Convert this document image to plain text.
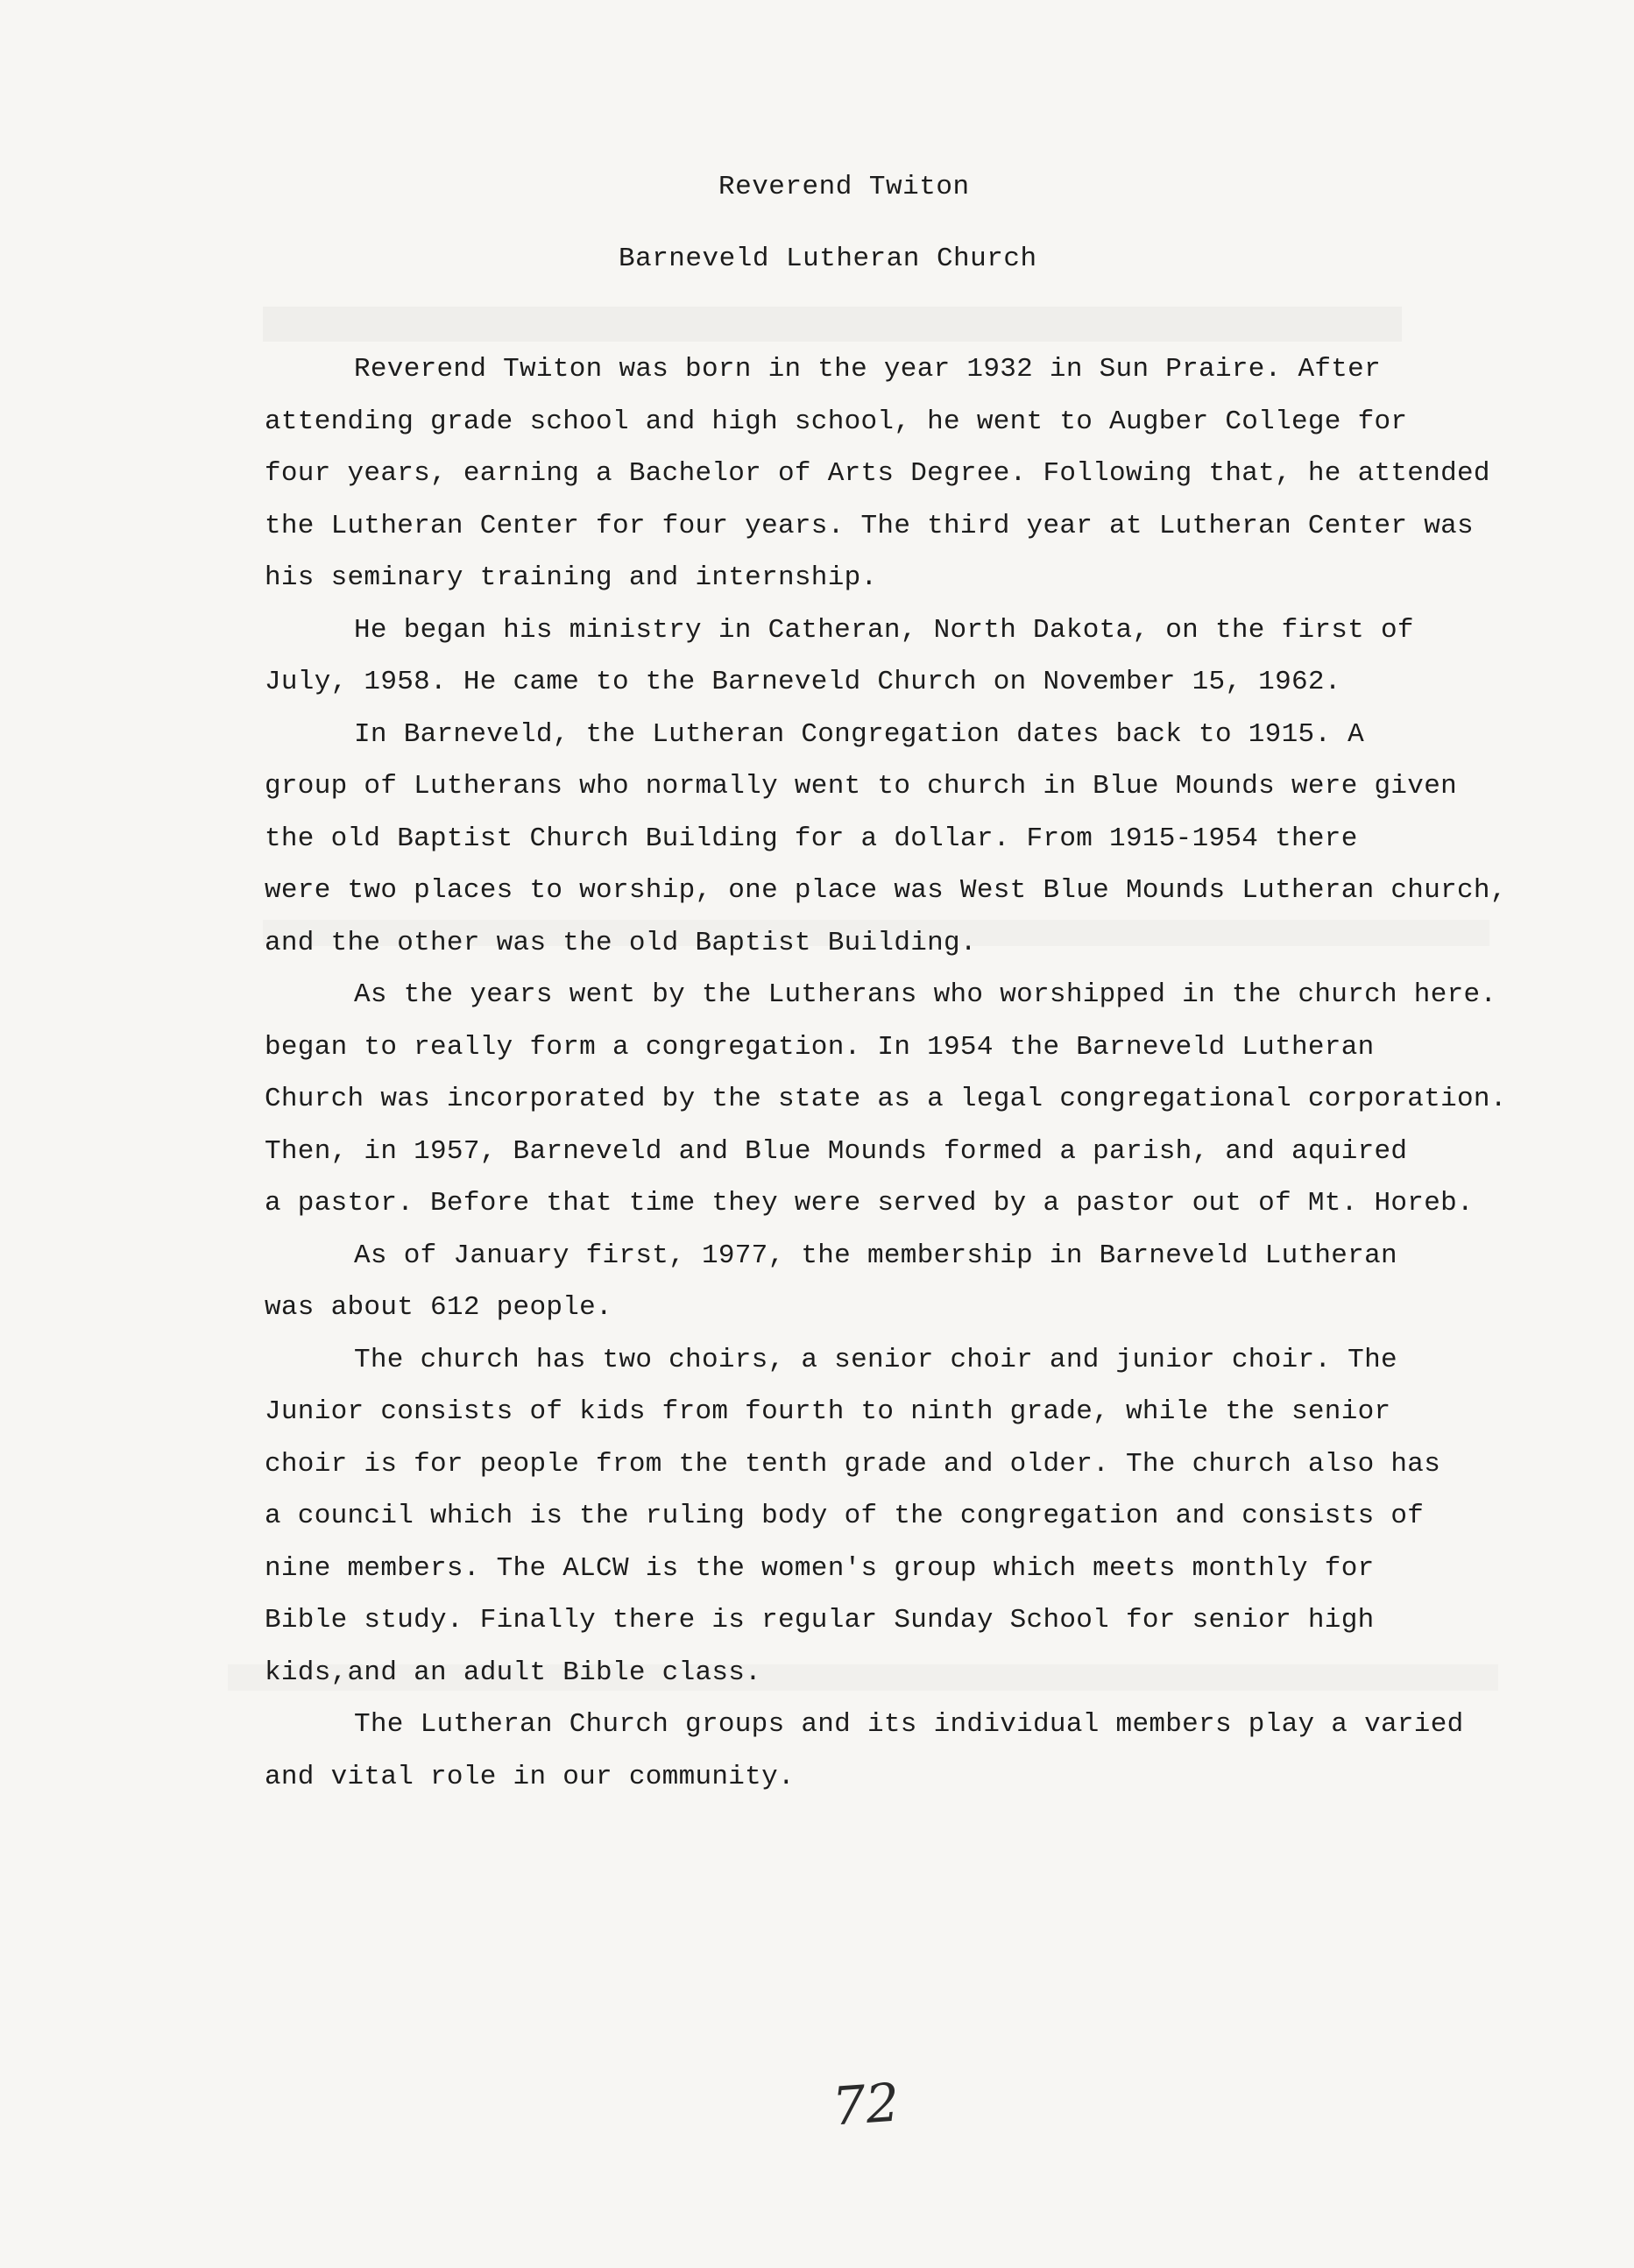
Reverend Twiton
Barneveld Lutheran Church
Reverend Twiton was born in the year 1932 in Sun Praire. After
attending grade school and high school, he went to Augber College for
four years, earning a Bachelor of Arts Degree. Following that, he attended
the Lutheran Center for four years. The third year at Lutheran Center was
his seminary training and internship.
He began his ministry in Catheran, North Dakota, on the first of
July, 1958. He came to the Barneveld Church on November 15, 1962.
In Barneveld, the Lutheran Congregation dates back to 1915. A
group of Lutherans who normally went to church in Blue Mounds were given
the old Baptist Church Building for a dollar. From 1915-1954 there
were two places to worship, one place was West Blue Mounds Lutheran church,
and the other was the old Baptist Building.
As the years went by the Lutherans who worshipped in the church here.
began to really form a congregation. In 1954 the Barneveld Lutheran
Church was incorporated by the state as a legal congregational corporation.
Then, in 1957, Barneveld and Blue Mounds formed a parish, and aquired
a pastor. Before that time they were served by a pastor out of Mt. Horeb.
As of January first, 1977, the membership in Barneveld Lutheran
was about 612 people.
The church has two choirs, a senior choir and junior choir. The
Junior consists of kids from fourth to ninth grade, while the senior
choir is for people from the tenth grade and older. The church also has
a council which is the ruling body of the congregation and consists of
nine members. The ALCW is the women's group which meets monthly for
Bible study. Finally there is regular Sunday School for senior high
kids,and an adult Bible class.
The Lutheran Church groups and its individual members play a varied
and vital role in our community.
72
